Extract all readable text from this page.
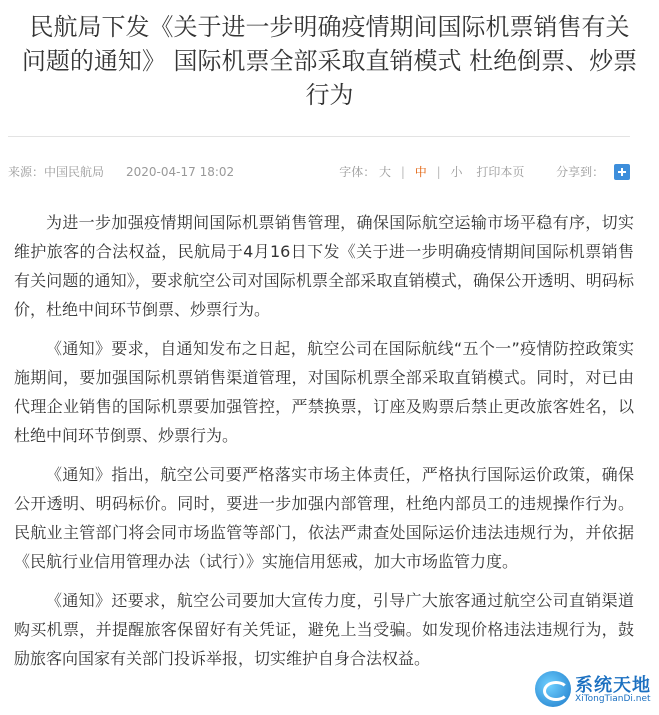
民航局下发《关于进一步明确疫情期间国际机票销售有关
问题的通知》 国际机票全部采取直销模式 杜绝倒票、炒票
行为
来源：中国民航局 2020-04-17 18:02	字体： 大 | 中 | 小 打印本页	分享到：

为进一步加强疫情期间国际机票销售管理，确保国际航空运输市场平稳有序，切实维护旅客的合法权益，民航局于4月16日下发《关于进一步明确疫情期间国际机票销售有关问题的通知》，要求航空公司对国际机票全部采取直销模式，确保公开透明、明码标价，杜绝中间环节倒票、炒票行为。

《通知》要求，自通知发布之日起，航空公司在国际航线“五个一”疫情防控政策实施期间，要加强国际机票销售渠道管理，对国际机票全部采取直销模式。同时，对已由代理企业销售的国际机票要加强管控，严禁换票，订座及购票后禁止更改旅客姓名，以杜绝中间环节倒票、炒票行为。

《通知》指出，航空公司要严格落实市场主体责任，严格执行国际运价政策，确保公开透明、明码标价。同时，要进一步加强内部管理，杜绝内部员工的违规操作行为。民航业主管部门将会同市场监管等部门，依法严肃查处国际运价违法违规行为，并依据《民航行业信用管理办法（试行）》实施信用惩戒，加大市场监管力度。

《通知》还要求，航空公司要加大宣传力度，引导广大旅客通过航空公司直销渠道购买机票，并提醒旅客保留好有关凭证，避免上当受骗。如发现价格违法违规行为，鼓励旅客向国家有关部门投诉举报，切实维护自身合法权益。

系统天地
XiTongTianDi.net
